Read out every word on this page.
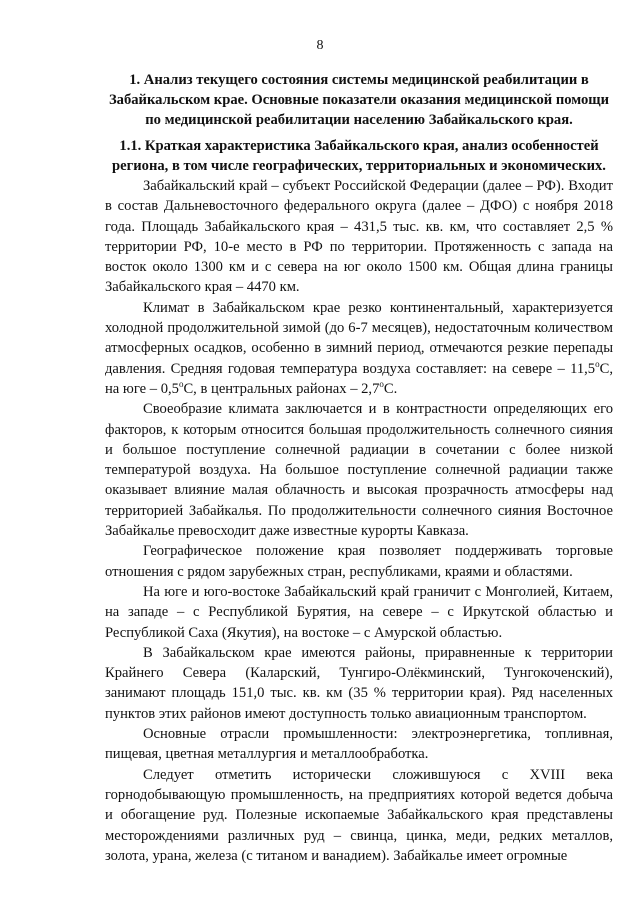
8

1. Анализ текущего состояния системы медицинской реабилитации в Забайкальском крае. Основные показатели оказания медицинской помощи по медицинской реабилитации населению Забайкальского края.

1.1. Краткая характеристика Забайкальского края, анализ особенностей региона, в том числе географических, территориальных и экономических.

Забайкальский край – субъект Российской Федерации (далее – РФ). Входит в состав Дальневосточного федерального округа (далее – ДФО) с ноября 2018 года. Площадь Забайкальского края – 431,5 тыс. кв. км, что составляет 2,5 % территории РФ, 10-е место в РФ по территории. Протяженность с запада на восток около 1300 км и с севера на юг около 1500 км. Общая длина границы Забайкальского края – 4470 км.

Климат в Забайкальском крае резко континентальный, характеризуется холодной продолжительной зимой (до 6-7 месяцев), недостаточным количеством атмосферных осадков, особенно в зимний период, отмечаются резкие перепады давления. Средняя годовая температура воздуха составляет: на севере – 11,5$^o$С, на юге – 0,5$^o$С, в центральных районах – 2,7$^o$С.

Своеобразие климата заключается и в контрастности определяющих его факторов, к которым относится большая продолжительность солнечного сияния и большое поступление солнечной радиации в сочетании с более низкой температурой воздуха. На большое поступление солнечной радиации также оказывает влияние малая облачность и высокая прозрачность атмосферы над территорией Забайкалья. По продолжительности солнечного сияния Восточное Забайкалье превосходит даже известные курорты Кавказа.

Географическое положение края позволяет поддерживать торговые отношения с рядом зарубежных стран, республиками, краями и областями.

На юге и юго-востоке Забайкальский край граничит с Монголией, Китаем, на западе – с Республикой Бурятия, на севере – с Иркутской областью и Республикой Саха (Якутия), на востоке – с Амурской областью.

В Забайкальском крае имеются районы, приравненные к территории Крайнего Севера (Каларский, Тунгиро-Олёкминский, Тунгокоченский), занимают площадь 151,0 тыс. кв. км (35 % территории края). Ряд населенных пунктов этих районов имеют доступность только авиационным транспортом.

Основные отрасли промышленности: электроэнергетика, топливная, пищевая, цветная металлургия и металлообработка.

Следует отметить исторически сложившуюся с XVIII века горнодобывающую промышленность, на предприятиях которой ведется добыча и обогащение руд. Полезные ископаемые Забайкальского края представлены месторождениями различных руд – свинца, цинка, меди, редких металлов, золота, урана, железа (с титаном и ванадием). Забайкалье имеет огромные
